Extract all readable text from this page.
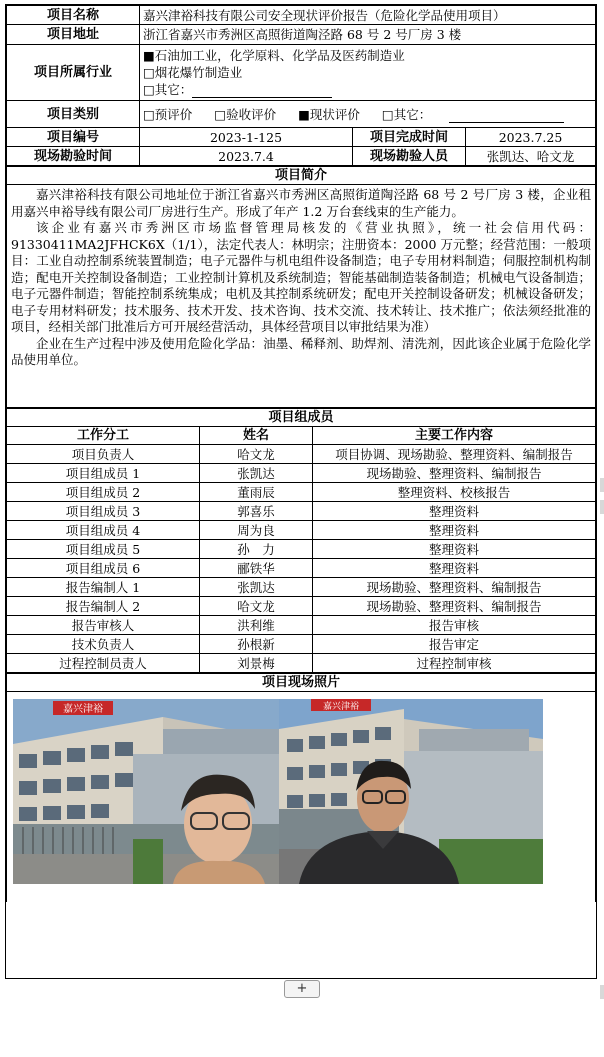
项目名称	嘉兴津裕科技有限公司安全现状评价报告（危险化学品使用项目）		
项目地址	浙江省嘉兴市秀洲区高照街道陶泾路 68 号 2 号厂房 3 楼		
项目所属行业	■石油加工业，化学原料、化学品及医药制造业
□烟花爆竹制造业
□其它：		

项目类别	□预评价 □验收评价 ■现状评价 □其它：		
项目编号	2023-1-125	项目完成时间	2023.7.25
现场勘验时间	2023.7.4	现场勘验人员	张凯达、哈文龙
项目简介

嘉兴津裕科技有限公司地址位于浙江省嘉兴市秀洲区高照街道陶泾路 68 号 2 号厂房 3 楼，企业租用嘉兴申裕导线有限公司厂房进行生产。形成了年产 1.2 万台套线束的生产能力。

该企业有嘉兴市秀洲区市场监督管理局核发的《营业执照》，统一社会信用代码：91330411MA2JFHCK6X（1/1），法定代表人：林明宗；注册资本：2000 万元整；经营范围：一般项目：工业自动控制系统装置制造；电子元器件与机电组件设备制造；电子专用材料制造；伺服控制机构制造；配电开关控制设备制造；工业控制计算机及系统制造；智能基础制造装备制造；机械电气设备制造；电子元器件制造；智能控制系统集成；电机及其控制系统研发；配电开关控制设备研发；机械设备研发；电子专用材料研发；技术服务、技术开发、技术咨询、技术交流、技术转让、技术推广；依法须经批准的项目，经相关部门批准后方可开展经营活动，具体经营项目以审批结果为准）

企业在生产过程中涉及使用危险化学品：油墨、稀释剂、助焊剂、清洗剂，因此该企业属于危险化学品使用单位。

项目组成员		
工作分工	姓名	主要工作内容
项目负责人	哈文龙	项目协调、现场勘验、整理资料、编制报告
项目组成员 1	张凯达	现场勘验、整理资料、编制报告
项目组成员 2	董雨辰	整理资料、校核报告
项目组成员 3	郭喜乐	整理资料
项目组成员 4	周为良	整理资料
项目组成员 5	孙　力	整理资料
项目组成员 6	郦铁华	整理资料
报告编制人 1	张凯达	现场勘验、整理资料、编制报告
报告编制人 2	哈文龙	现场勘验、整理资料、编制报告
报告审核人	洪利维	报告审核
技术负责人	孙根新	报告审定
过程控制员责人	刘景梅	过程控制审核
项目现场照片

嘉兴津裕	嘉兴津裕
+
